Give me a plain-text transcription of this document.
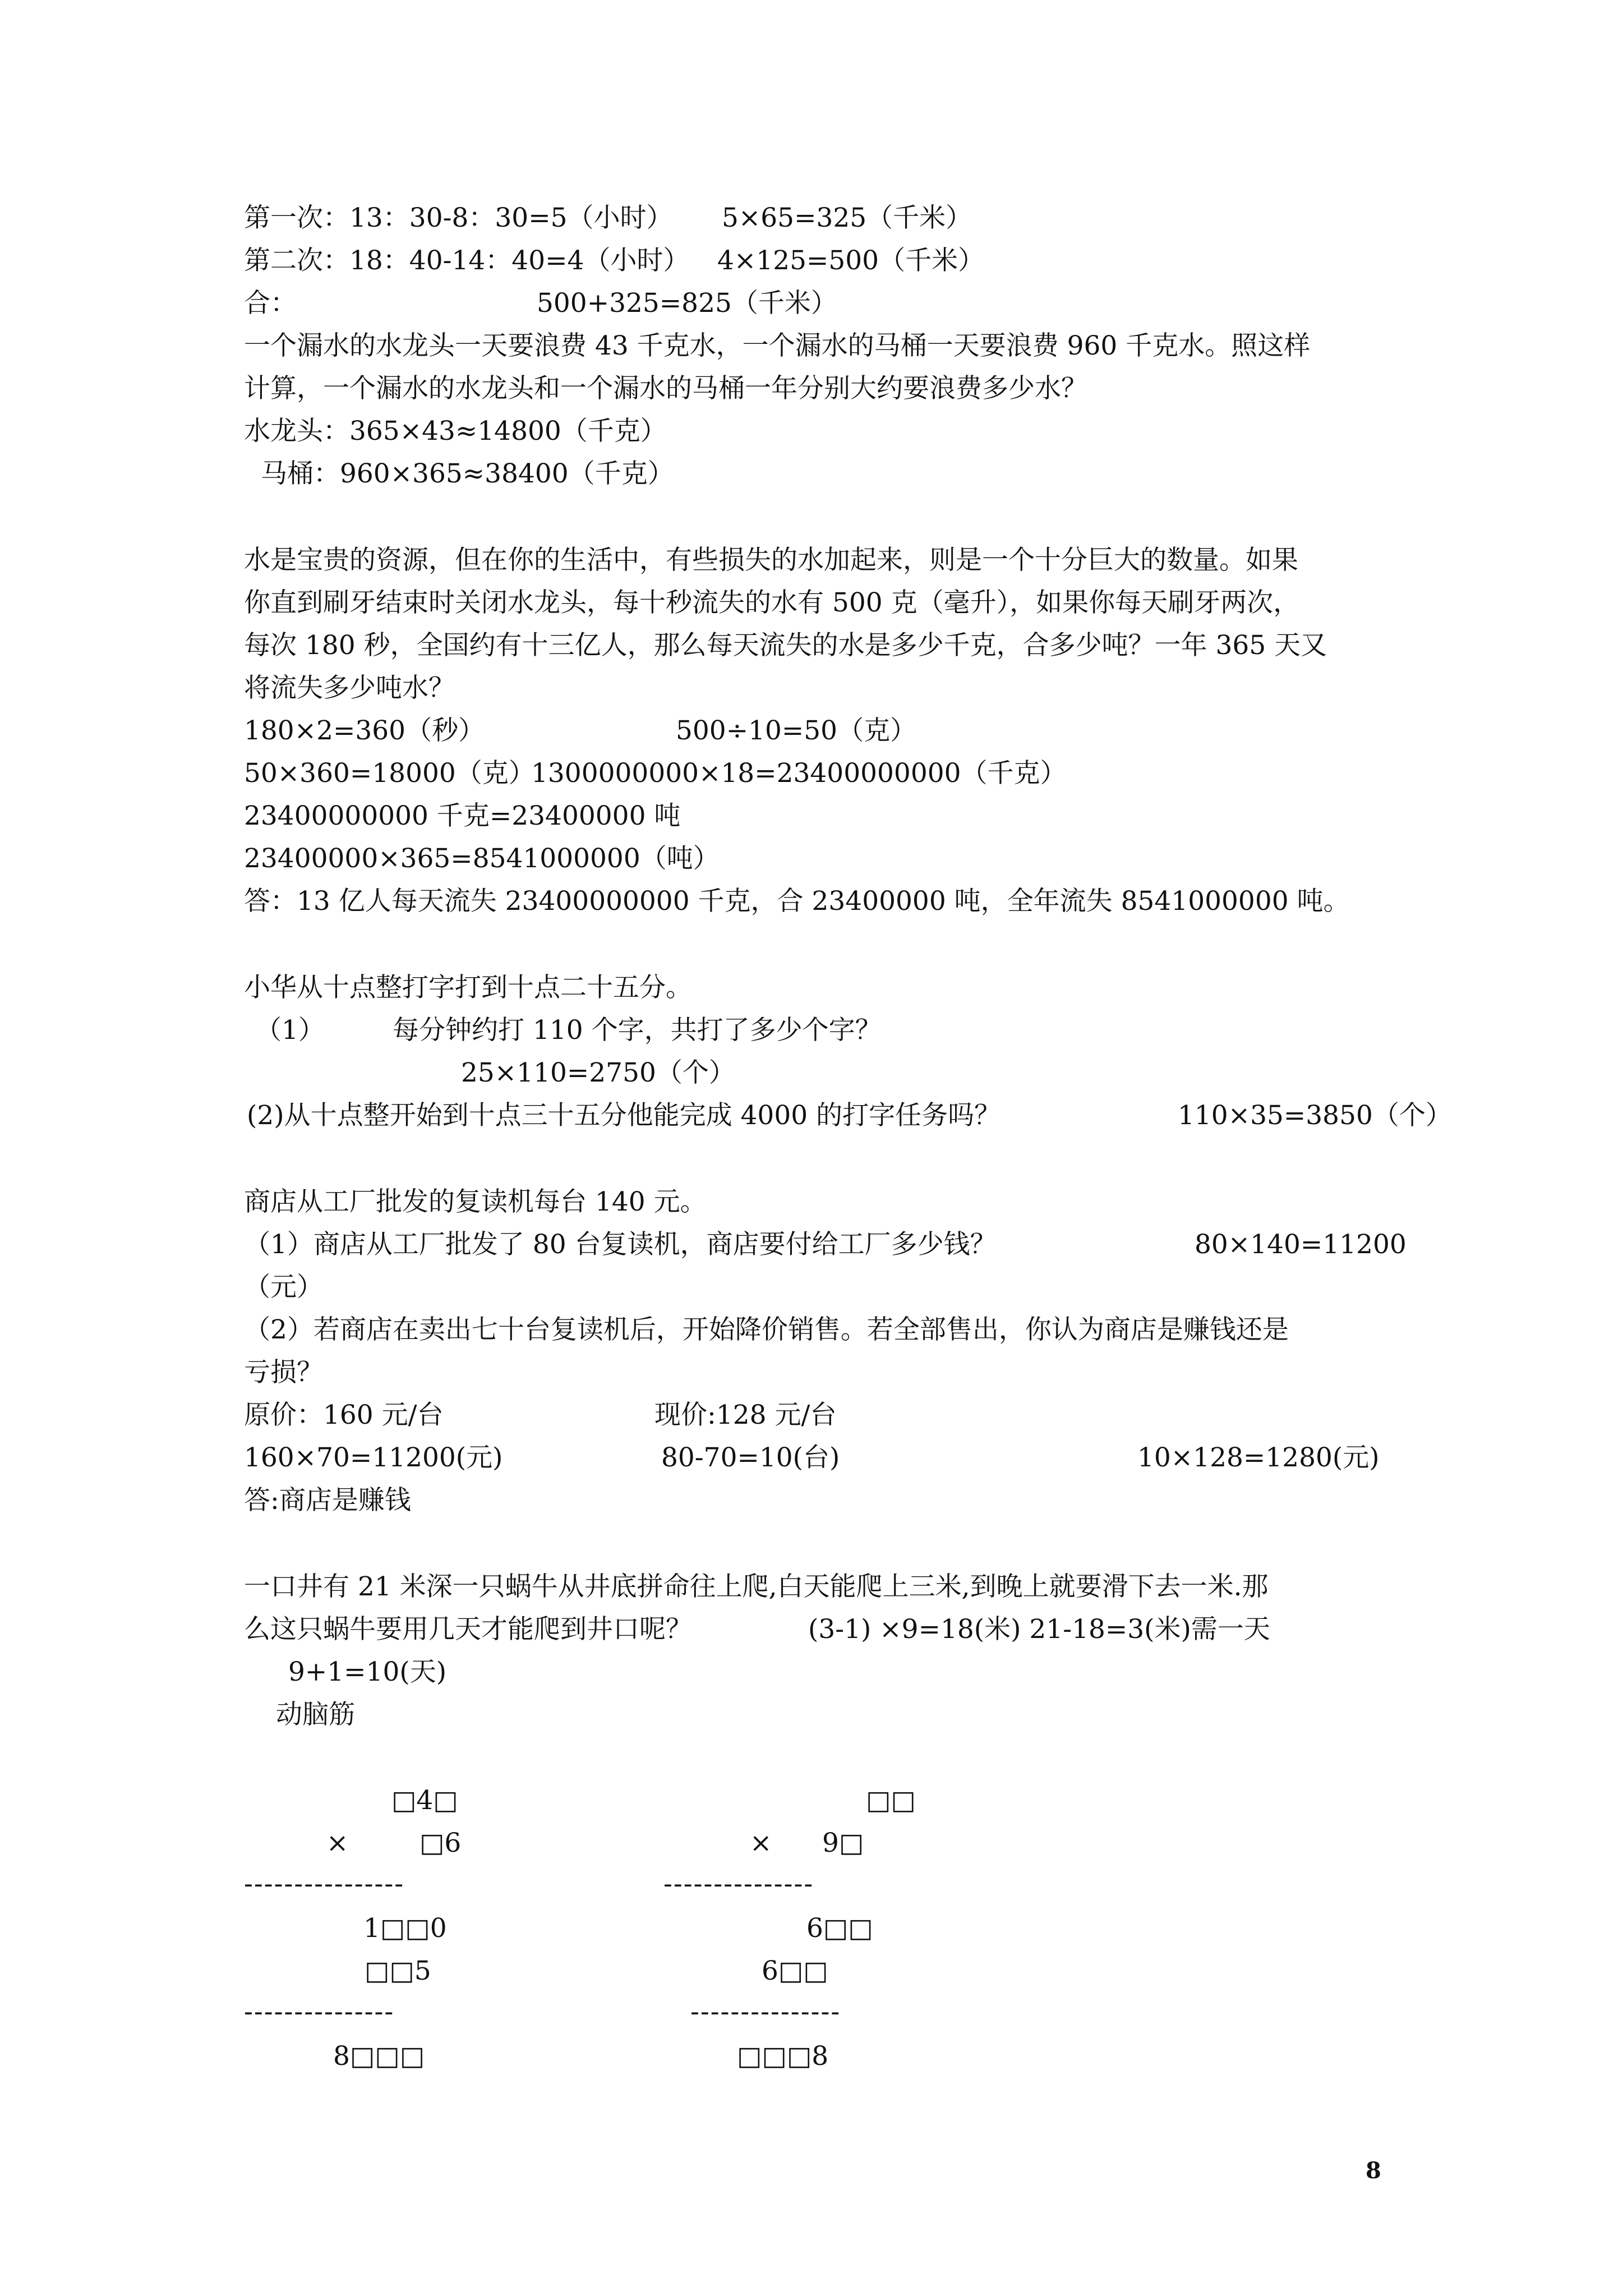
第一次：13：30-8：30=5（小时） 5×65=325（千米）
第二次：18：40-14：40=4（小时） 4×125=500（千米）
合：	500+325=825（千米）
一个漏水的水龙头一天要浪费 43 千克水，一个漏水的马桶一天要浪费 960 千克水。照这样
计算，一个漏水的水龙头和一个漏水的马桶一年分别大约要浪费多少水？
水龙头：365×43≈14800（千克）
马桶：960×365≈38400（千克）
水是宝贵的资源，但在你的生活中，有些损失的水加起来，则是一个十分巨大的数量。如果
你直到刷牙结束时关闭水龙头，每十秒流失的水有 500 克（毫升），如果你每天刷牙两次，
每次 180 秒，全国约有十三亿人，那么每天流失的水是多少千克，合多少吨？一年 365 天又
将流失多少吨水？
180×2=360（秒）	500÷10=50（克）
50×360=18000（克）
1300000000×18=23400000000（千克）
23400000000 千克=23400000 吨
23400000×365=8541000000（吨）
答：13 亿人每天流失 23400000000 千克，合 23400000 吨，全年流失 8541000000 吨。
小华从十点整打字打到十点二十五分。
（1）	每分钟约打 110 个字，共打了多少个字？
25×110=2750（个）
(2)从十点整开始到十点三十五分他能完成 4000 的打字任务吗？	110×35=3850（个）
商店从工厂批发的复读机每台 140 元。
（1）商店从工厂批发了 80 台复读机，商店要付给工厂多少钱？	80×140=11200
（元）
（2）若商店在卖出七十台复读机后，开始降价销售。若全部售出，你认为商店是赚钱还是
亏损？
原价：160 元/台	现价:128 元/台
160×70=11200(元)	80-70=10(台)	10×128=1280(元)
答:商店是赚钱
一口井有 21 米深一只蜗牛从井底拼命往上爬,白天能爬上三米,到晚上就要滑下去一米.那
么这只蜗牛要用几天才能爬到井口呢？	(3-1) ×9=18(米) 21-18=3(米)需一天
9+1=10(天)
动脑筋
□4□
×	□6
----------------
1□□0
□□5
---------------
8□□□
□□
× 9□
---------------
6□□
6□□
---------------
□□□8
8
